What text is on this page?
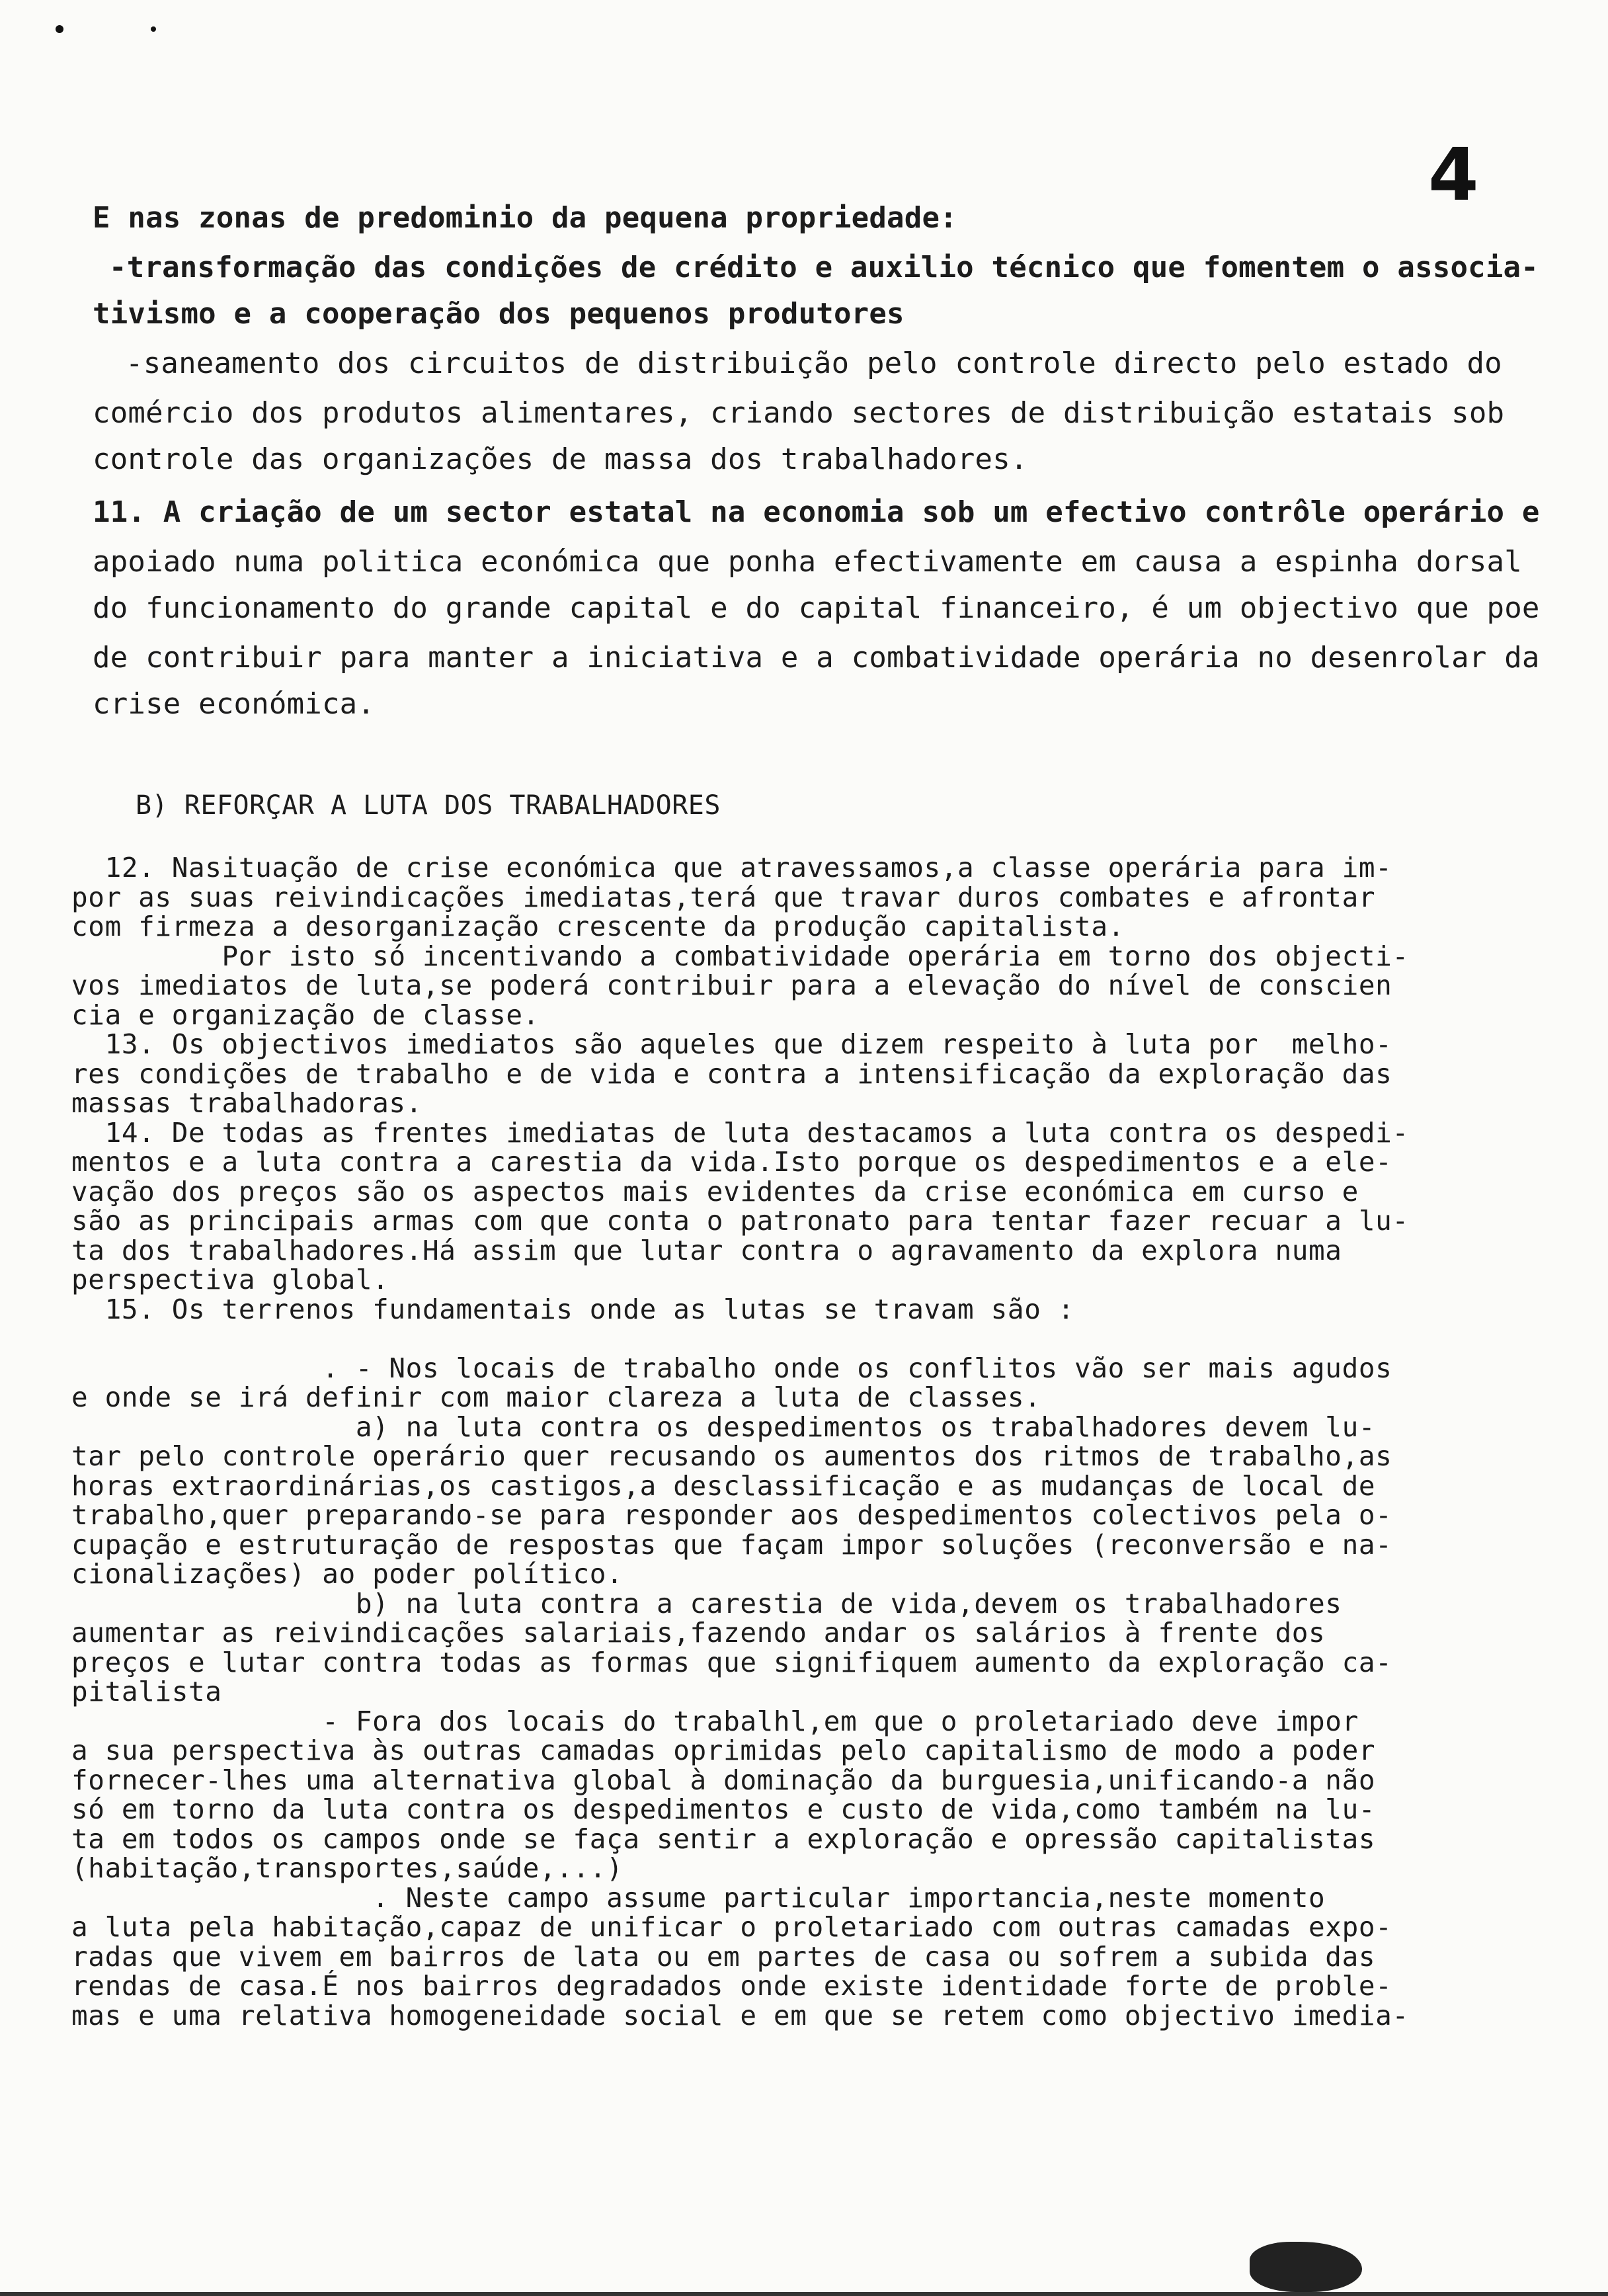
4
E nas zonas de predominio da pequena propriedade:
-transformação das condições de crédito e auxilio técnico que fomentem o associa-
tivismo e a cooperação dos pequenos produtores
-saneamento dos circuitos de distribuição pelo controle directo pelo estado do
comércio dos produtos alimentares, criando sectores de distribuição estatais sob
controle das organizações de massa dos trabalhadores.
11. A criação de um sector estatal na economia sob um efectivo contrôle operário e
apoiado numa politica económica que ponha efectivamente em causa a espinha dorsal
do funcionamento do grande capital e do capital financeiro, é um objectivo que poe
de contribuir para manter a iniciativa e a combatividade operária no desenrolar da
crise económica.
B) REFORÇAR A LUTA DOS TRABALHADORES
12. Nasituação de crise económica que atravessamos,a classe operária para im-
por as suas reivindicações imediatas,terá que travar duros combates e afrontar
com firmeza a desorganização crescente da produção capitalista.
Por isto só incentivando a combatividade operária em torno dos objecti-
vos imediatos de luta,se poderá contribuir para a elevação do nível de conscien
cia e organização de classe.
13. Os objectivos imediatos são aqueles que dizem respeito à luta por  melho-
res condições de trabalho e de vida e contra a intensificação da exploração das
massas trabalhadoras.
14. De todas as frentes imediatas de luta destacamos a luta contra os despedi-
mentos e a luta contra a carestia da vida.Isto porque os despedimentos e a ele-
vação dos preços são os aspectos mais evidentes da crise económica em curso e
são as principais armas com que conta o patronato para tentar fazer recuar a lu-
ta dos trabalhadores.Há assim que lutar contra o agravamento da explora numa
perspectiva global.
15. Os terrenos fundamentais onde as lutas se travam são :
. - Nos locais de trabalho onde os conflitos vão ser mais agudos
e onde se irá definir com maior clareza a luta de classes.
a) na luta contra os despedimentos os trabalhadores devem lu-
tar pelo controle operário quer recusando os aumentos dos ritmos de trabalho,as
horas extraordinárias,os castigos,a desclassificação e as mudanças de local de
trabalho,quer preparando-se para responder aos despedimentos colectivos pela o-
cupação e estruturação de respostas que façam impor soluções (reconversão e na-
cionalizações) ao poder político.
b) na luta contra a carestia de vida,devem os trabalhadores
aumentar as reivindicações salariais,fazendo andar os salários à frente dos
preços e lutar contra todas as formas que signifiquem aumento da exploração ca-
pitalista
- Fora dos locais do trabalhl,em que o proletariado deve impor
a sua perspectiva às outras camadas oprimidas pelo capitalismo de modo a poder
fornecer-lhes uma alternativa global à dominação da burguesia,unificando-a não
só em torno da luta contra os despedimentos e custo de vida,como também na lu-
ta em todos os campos onde se faça sentir a exploração e opressão capitalistas
(habitação,transportes,saúde,...)
. Neste campo assume particular importancia,neste momento
a luta pela habitação,capaz de unificar o proletariado com outras camadas expo-
radas que vivem em bairros de lata ou em partes de casa ou sofrem a subida das
rendas de casa.É nos bairros degradados onde existe identidade forte de proble-
mas e uma relativa homogeneidade social e em que se retem como objectivo imedia-
